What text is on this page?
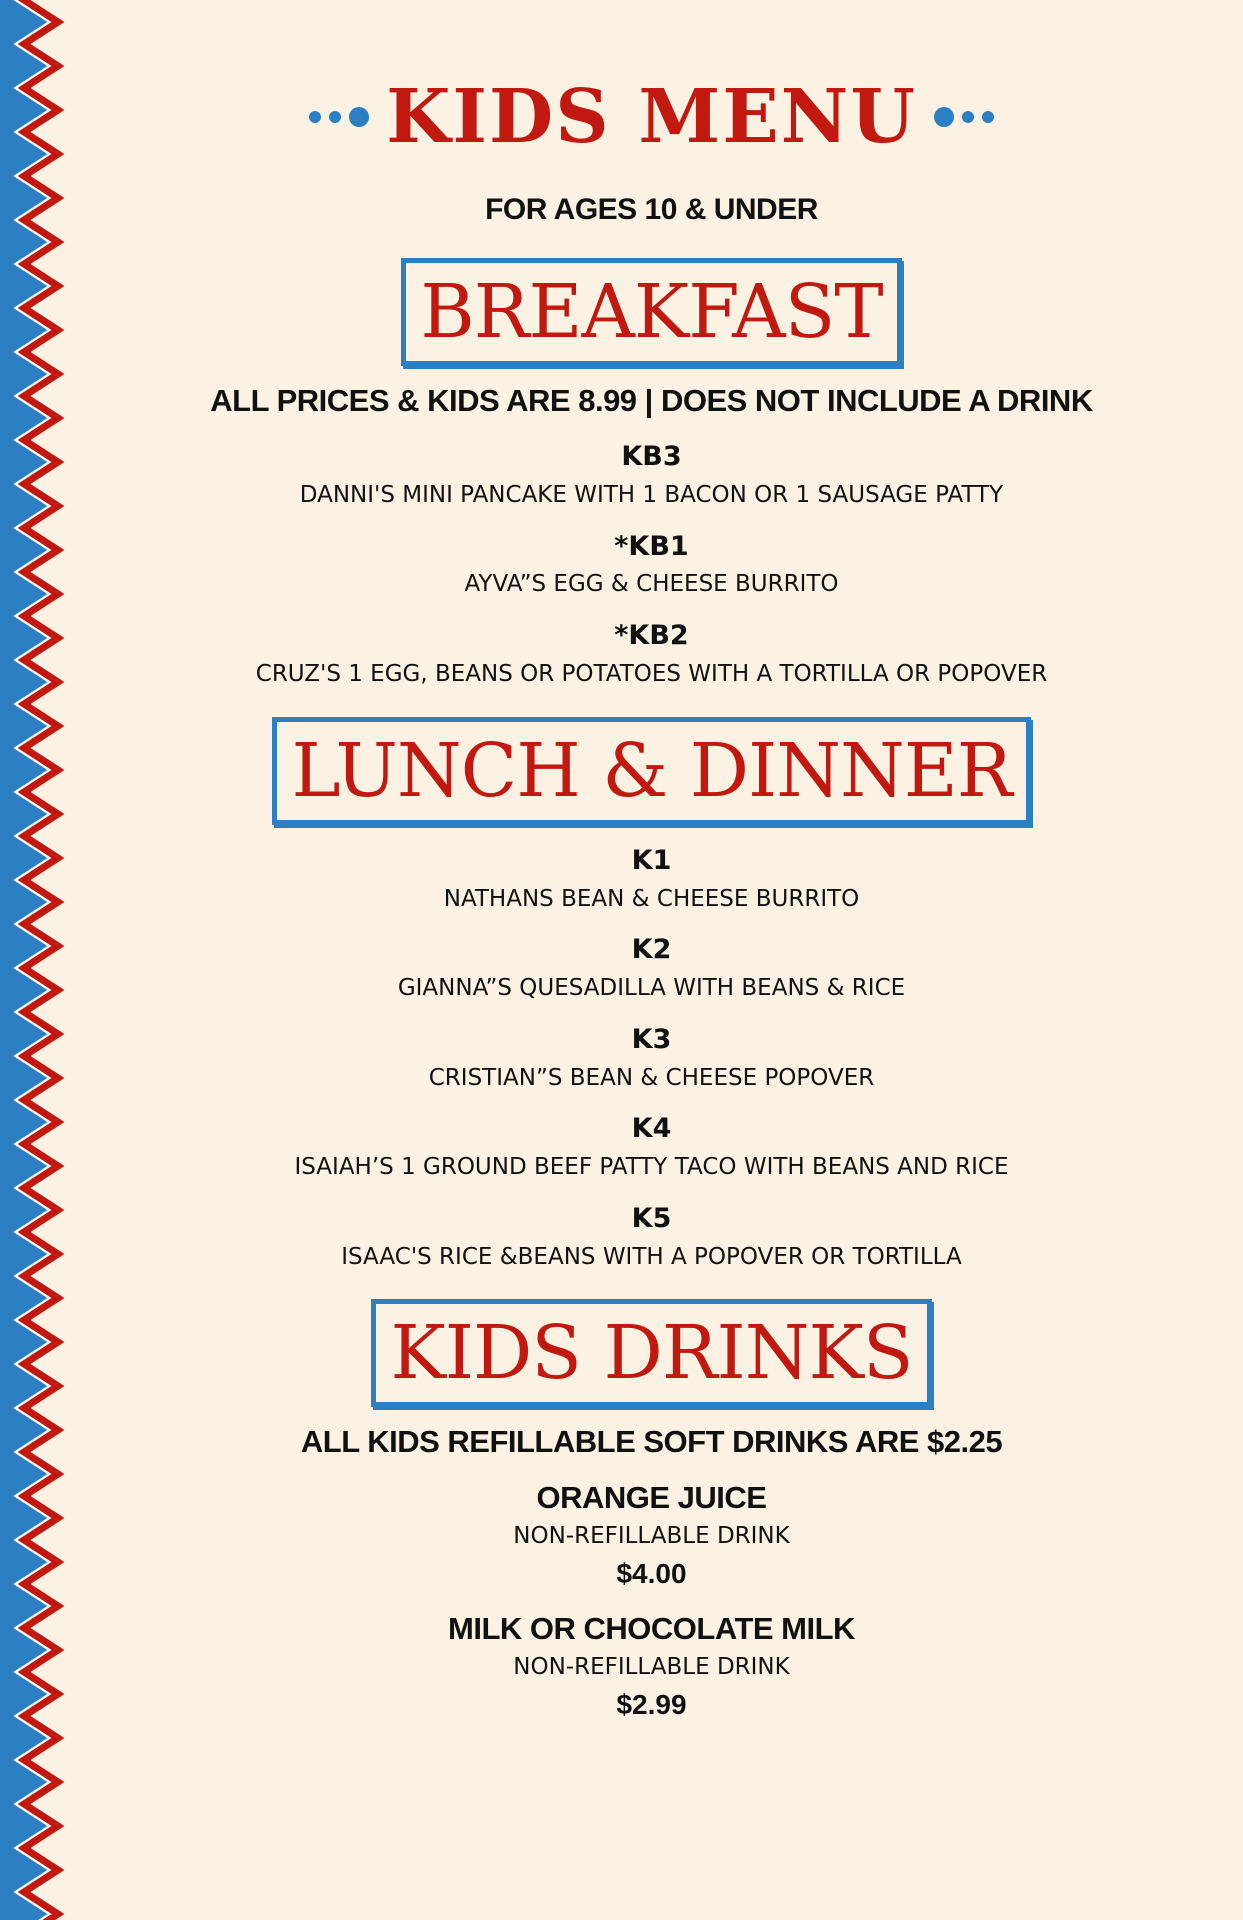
KIDS MENU
FOR AGES 10 & UNDER
BREAKFAST
ALL PRICES & KIDS ARE 8.99 | DOES NOT INCLUDE A DRINK
KB3
DANNI'S MINI PANCAKE WITH 1 BACON OR 1 SAUSAGE PATTY
*KB1
AYVA”S EGG & CHEESE BURRITO
*KB2
CRUZ'S 1 EGG, BEANS OR POTATOES WITH A TORTILLA OR POPOVER
LUNCH & DINNER
K1
NATHANS BEAN & CHEESE BURRITO
K2
GIANNA”S QUESADILLA WITH BEANS & RICE
K3
CRISTIAN”S BEAN & CHEESE POPOVER
K4
ISAIAH’S 1 GROUND BEEF PATTY TACO WITH BEANS AND RICE
K5
ISAAC'S RICE &BEANS WITH A POPOVER OR TORTILLA
KIDS DRINKS
ALL KIDS REFILLABLE SOFT DRINKS ARE $2.25
ORANGE JUICE
NON-REFILLABLE DRINK
$4.00
MILK OR CHOCOLATE MILK
NON-REFILLABLE DRINK
$2.99
